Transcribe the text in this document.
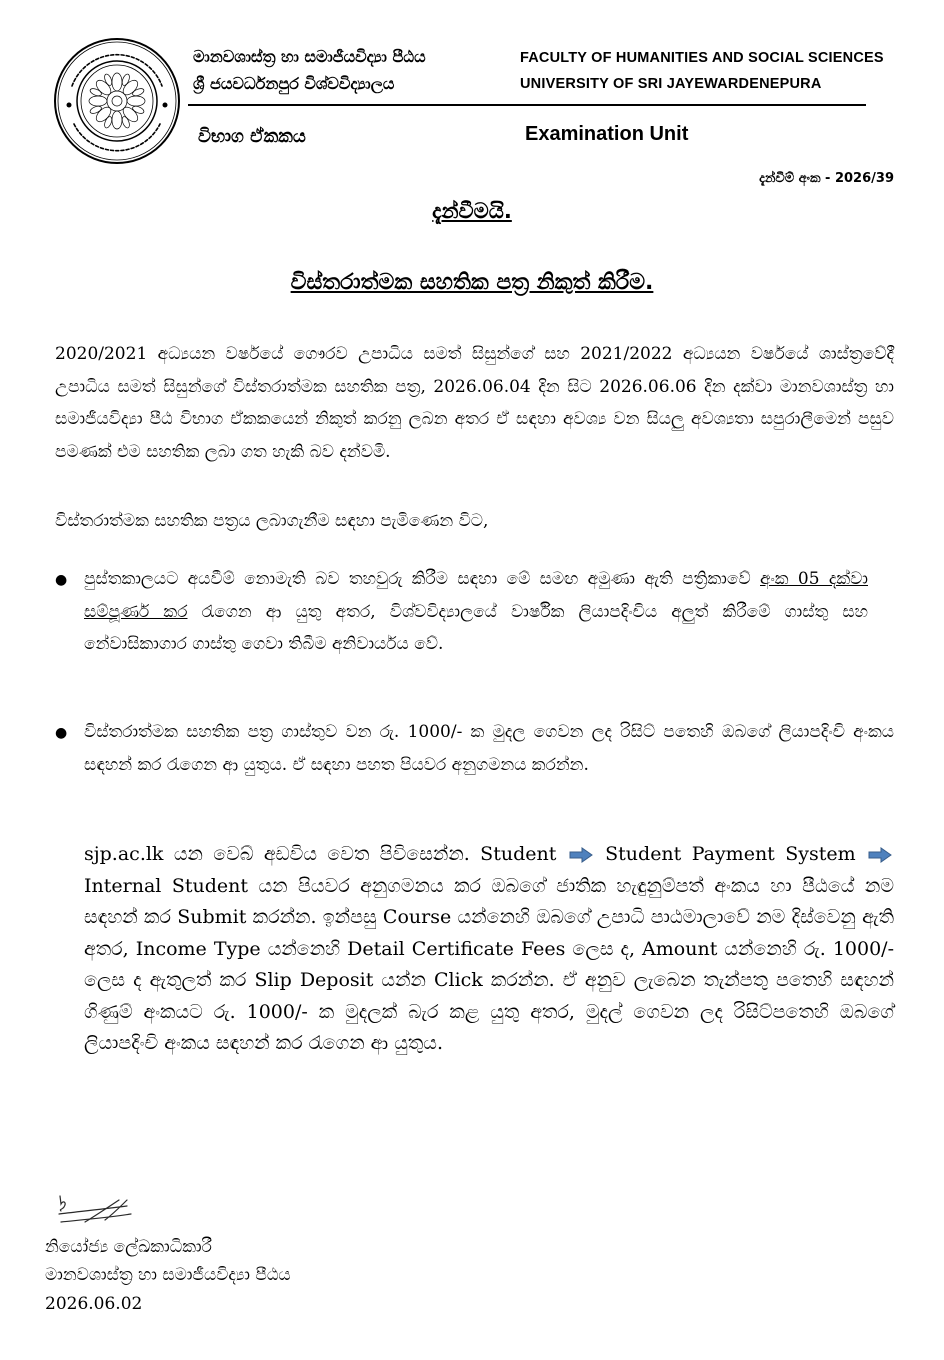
මානවශාස්ත්‍ර හා සමාජීයවිද්‍යා පීඨය
ශ්‍රී ජයවර්ධනපුර විශ්වවිද්‍යාලය
FACULTY OF HUMANITIES AND SOCIAL SCIENCES
UNIVERSITY OF SRI JAYEWARDENEPURA
විභාග ඒකකය	Examination Unit
දැන්වීම් අංක - 2026/39
දැන්වීමයි.
විස්තරාත්මක සහතික පත්‍ර නිකුත් කිරීම.
2020/2021 අධ්‍යයන වර්ෂයේ ගෞරව උපාධිය සමත් සිසුන්ගේ සහ 2021/2022 අධ්‍යයන වර්ෂයේ ශාස්ත්‍රවේදී උපාධිය සමත් සිසුන්ගේ විස්තරාත්මක සහතික පත්‍ර, 2026.06.04 දින සිට 2026.06.06 දින දක්වා මානවශාස්ත්‍ර හා සමාජීයවිද්‍යා පීඨ විභාග ඒකකයෙන් නිකුත් කරනු ලබන අතර ඒ සඳහා අවශ්‍ය වන සියලු අවශ්‍යතා සපුරාලීමෙන් පසුව පමණක් එම සහතික ලබා ගත හැකි බව දන්වමි.
විස්තරාත්මක සහතික පත්‍රය ලබාගැනීම සඳහා පැමිණෙන විට,
● පුස්තකාලයට අයවීම් නොමැති බව තහවුරු කිරීම සඳහා මේ සමඟ අමුණා ඇති පත්‍රිකාවේ අංක 05 දක්වා සම්පූර්ණ කර රැගෙන ආ යුතු අතර, විශ්වවිද්‍යාලයේ වාර්ෂික ලියාපදිංචිය අලුත් කිරීමේ ගාස්තු සහ නේවාසිකාගාර ගාස්තු ගෙවා තිබීම අනිවාර්යය වේ.
● විස්තරාත්මක සහතික පත්‍ර ගාස්තුව වන රු. 1000/- ක මුදල ගෙවන ලද රිසිට් පතෙහි ඔබගේ ලියාපදිංචි අංකය සඳහන් කර රැගෙන ආ යුතුය. ඒ සඳහා පහත පියවර අනුගමනය කරන්න.
sjp.ac.lk යන වෙබ් අඩවිය වෙත පිවිසෙන්න. Student	Student Payment System  Internal Student යන පියවර අනුගමනය කර ඔබගේ ජාතික හැඳුනුම්පත් අංකය හා පීඨයේ නම සඳහන් කර Submit කරන්න. ඉන්පසු Course යන්නෙහි ඔබගේ උපාධි පාඨමාලාවේ නම දිස්වෙනු ඇති අතර, Income Type යන්නෙහි Detail Certificate Fees ලෙස ද, Amount යන්නෙහි රු. 1000/- ලෙස ද ඇතුලත් කර Slip Deposit යන්න Click කරන්න. ඒ අනුව ලැබෙන තැන්පතු පතෙහි සඳහන් ගිණුම් අංකයට රු. 1000/- ක මුදලක් බැර කළ යුතු අතර, මුදල් ගෙවන ලද රිසිට්පතෙහි ඔබගේ ලියාපදිංචි අංකය සඳහන් කර රැගෙන ආ යුතුය.
නියෝජ්‍ය ලේඛකාධිකාරී
මානවශාස්ත්‍ර හා සමාජීයවිද්‍යා පීඨය
2026.06.02
